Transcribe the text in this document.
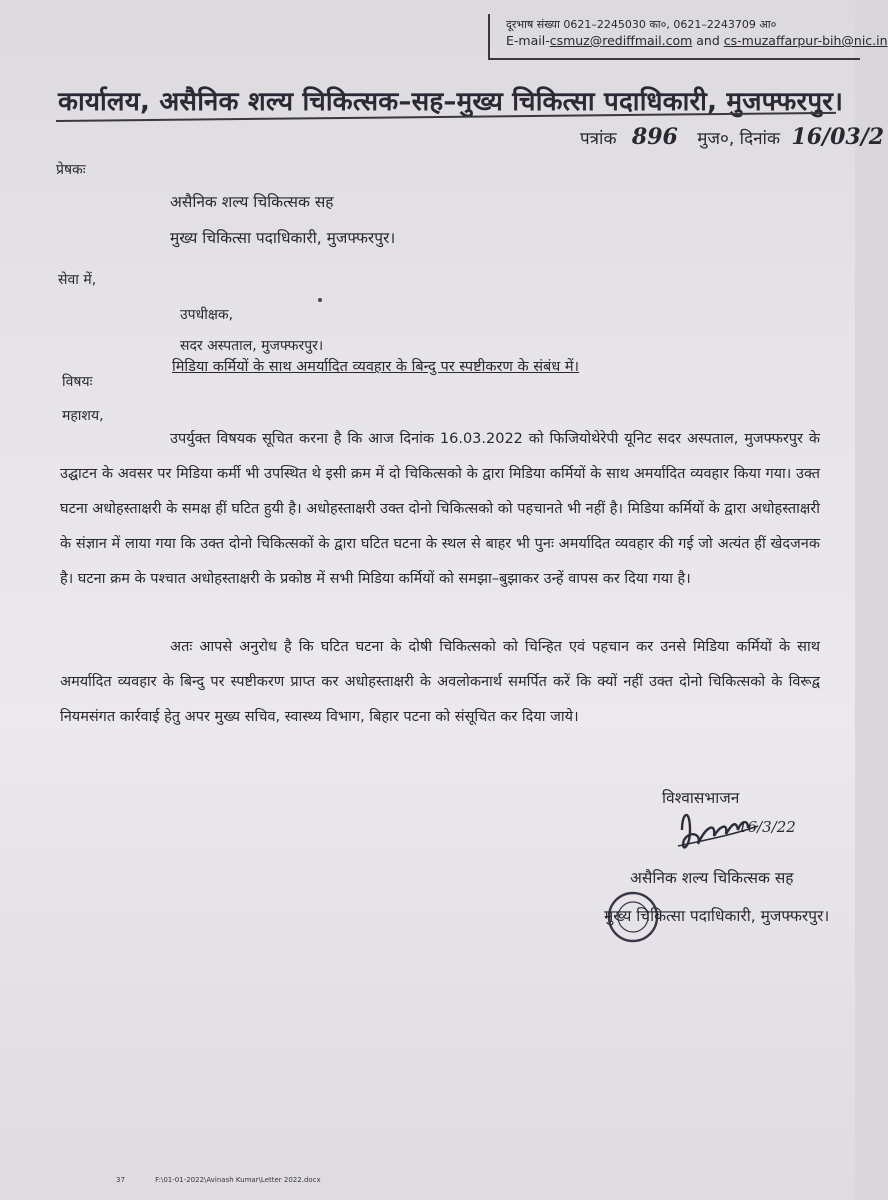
दूरभाष संख्या 0621–2245030 का०, 0621–2243709 आ०
E-mail-csmuz@rediffmail.com and cs-muzaffarpur-bih@nic.in
कार्यालय, असैनिक शल्य चिकित्सक–सह–मुख्य चिकित्सा पदाधिकारी, मुजफ्फरपुर।
पत्रांक 896 मुज०, दिनांक 16/03/2
प्रेषकः
असैनिक शल्य चिकित्सक सह
मुख्य चिकित्सा पदाधिकारी, मुजफ्फरपुर।
सेवा में,
उपधीक्षक,
सदर अस्पताल, मुजफ्फरपुर।
विषयः
मिडिया कर्मियों के साथ अमर्यादित व्यवहार के बिन्दु पर स्पष्टीकरण के संबंध में।
महाशय,
उपर्युक्त विषयक सूचित करना है कि आज दिनांक 16.03.2022 को फिजियोथेरेपी यूनिट सदर अस्पताल, मुजफ्फरपुर के उद्घाटन के अवसर पर मिडिया कर्मी भी उपस्थित थे इसी क्रम में दो चिकित्सको के द्वारा मिडिया कर्मियों के साथ अमर्यादित व्यवहार किया गया। उक्त घटना अधोहस्ताक्षरी के समक्ष हीं घटित हुयी है। अधोहस्ताक्षरी उक्त दोनो चिकित्सको को पहचानते भी नहीं है। मिडिया कर्मियों के द्वारा अधोहस्ताक्षरी के संज्ञान में लाया गया कि उक्त दोनो चिकित्सकों के द्वारा घटित घटना के स्थल से बाहर भी पुनः अमर्यादित व्यवहार की गई जो अत्यंत हीं खेदजनक है। घटना क्रम के पश्चात अधोहस्ताक्षरी के प्रकोष्ठ में सभी मिडिया कर्मियों को समझा–बुझाकर उन्हें वापस कर दिया गया है।
अतः आपसे अनुरोध है कि घटित घटना के दोषी चिकित्सको को चिन्हित एवं पहचान कर उनसे मिडिया कर्मियों के साथ अमर्यादित व्यवहार के बिन्दु पर स्पष्टीकरण प्राप्त कर अधोहस्ताक्षरी के अवलोकनार्थ समर्पित करें कि क्यों नहीं उक्त दोनो चिकित्सको के विरूद्व नियमसंगत कार्रवाई हेतु अपर मुख्य सचिव, स्वास्थ्य विभाग, बिहार पटना को संसूचित कर दिया जाये।
विश्वासभाजन
16/3/22
असैनिक शल्य चिकित्सक सह
मुख्य चिकित्सा पदाधिकारी, मुजफ्फरपुर।
37	F:\01-01-2022\Avinash Kumar\Letter 2022.docx
